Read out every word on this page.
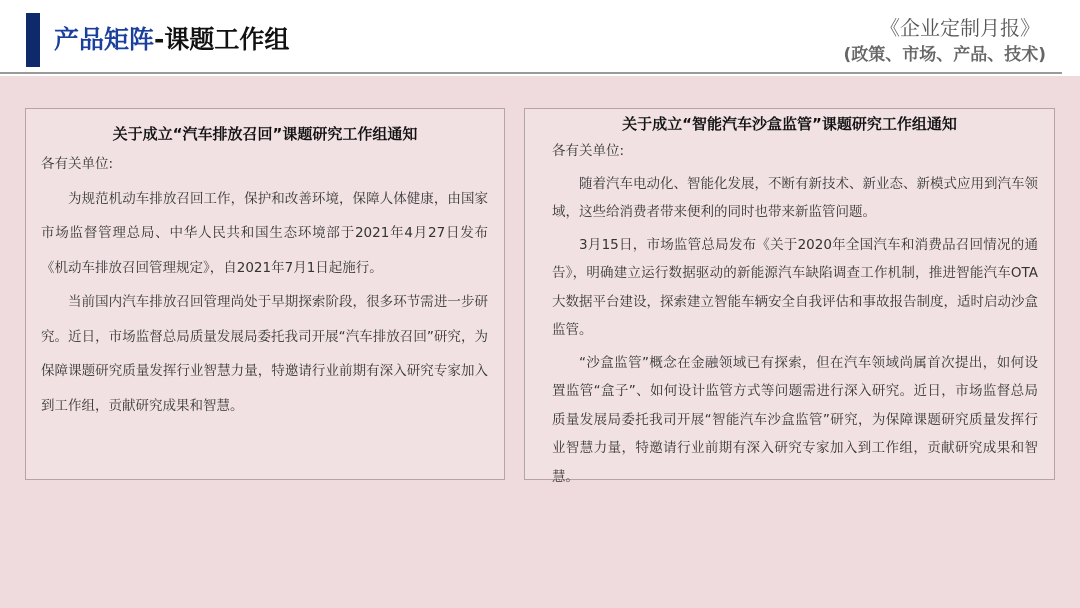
产品矩阵-课题工作组	《企业定制月报》
(政策、市场、产品、技术)
关于成立“汽车排放召回”课题研究工作组通知

各有关单位:

为规范机动车排放召回工作，保护和改善环境，保障人体健康，由国家市场监督管理总局、中华人民共和国生态环境部于2021年4月27日发布《机动车排放召回管理规定》，自2021年7月1日起施行。

当前国内汽车排放召回管理尚处于早期探索阶段，很多环节需进一步研究。近日，市场监督总局质量发展局委托我司开展“汽车排放召回”研究，为保障课题研究质量发挥行业智慧力量，特邀请行业前期有深入研究专家加入到工作组，贡献研究成果和智慧。

关于成立“智能汽车沙盒监管”课题研究工作组通知

各有关单位:

随着汽车电动化、智能化发展，不断有新技术、新业态、新模式应用到汽车领域，这些给消费者带来便利的同时也带来新监管问题。

3月15日，市场监管总局发布《关于2020年全国汽车和消费品召回情况的通告》，明确建立运行数据驱动的新能源汽车缺陷调查工作机制，推进智能汽车OTA大数据平台建设，探索建立智能车辆安全自我评估和事故报告制度，适时启动沙盒监管。

“沙盒监管”概念在金融领域已有探索，但在汽车领域尚属首次提出，如何设置监管“盒子”、如何设计监管方式等问题需进行深入研究。近日，市场监督总局质量发展局委托我司开展“智能汽车沙盒监管”研究，为保障课题研究质量发挥行业智慧力量，特邀请行业前期有深入研究专家加入到工作组，贡献研究成果和智慧。
